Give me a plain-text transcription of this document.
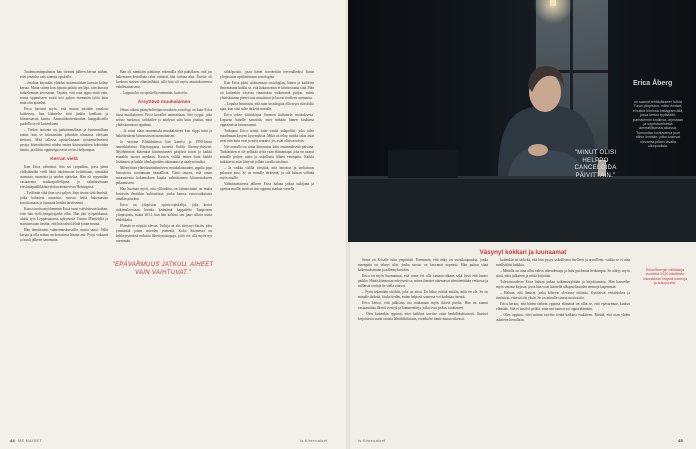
Trademomimpuismas hän törmäsi jälleen kerran säihen, ettei jenniihn vain saanutt opiskella.

– Jouduin käymään yhdeksi matematiikan kurssin kolme kertaa. Mutta siitten kun lopuita päästä sen läpi, sain kurssin kohtelemaan arvosanan. Tajusin, että voin oppia mitä vain, mutta oppimiseen vaatii tosi paljon enemmän työtä kuin mitä olin ajatellut.

Erica havaitsi myös, että muuta mistään omalosa kohteessa, hun kääntelee siitä jonkin kuullaan ja kiinnostavan kautta. Ammattikorkeakoulun kauppalistella puolella se oli kuitenkinen.

– Tiedon taotanto on parhaimmillaan ja huvimmillaan taitoa, kun se kiinnitetään johonkin ohuaassa oleivaan tiettoon. Mitä tallessa opiskelussaan työskentelemässä pestyy kiinteitävänsä niiden omien kiinnostuksen kohteiden kautta, ja silloin oppimisprosessi on tosi helpompaa.

Kerran vielä

Kun Erica valmistui, hän sai työpaikan, jossa pääsi yhdistämään vielä hänä intohimoon kohteittaan, nimittäin asumista, asumista ja uniden ajattelua. Hän oli myymälän vastaavana asiakaspalvelijana, ja valmistuttuaan viestintäpäällikkönä elokuvateatterissa Helsingissä.

– Työkinän siitä ihan tosi paljon. Sain tavata siitä ihmisiä, jotka halusivat asumista, sorissa heitä kakemasten tavoittamaan ja huomata heidän tarvitsemia.

Kuusi vuotta myöhemmin Erica tunsi vahvistuvan kaiken, ettei hän vielä hengitysjärkö ollut. Hän jätti työpaikkansa, aloitti työt Leppävaarassa nykyisestä Toomo Miettisellä ja muistaessaan tietään, että hän tahtoi tehdä jotain muuta.

Hän ilmoittautui valmennuskurssille, mutta sanoi: Tällä kertaa ja olla minun on kerrattava liisaan asti. Pysyi vakaasti ja kuuli jälkeen sanomaan.

Hän oli nimittäin päättänyt tekemällä yhä päätöksen, että jos hakemisen kerrallaan rahat riittävät, hän vaihtaa alaa. Tavoite oli korkean sinisen elämäniltänä, sillä hän oli myös asuntokoneensa vahdistamaisena.

– Lopputulos on opiskella enemmän, kuin tein.

Ärsyttävä muukalainen

Oman aikani päänyhokerijan muukaan sosiologi on kuin Erica tässä muukalaisen. Erica kuvailee ammattiaan. Sitä tyyppi, joka seisoo nurkassa, tarkkailee ja analysoi siitä kuin joudun, mitä yhteiskunnassa tapahtuu.

– Ja minä olain onnenmuki muukalaiseen kun riippi tuttu ja häkellyttävän kiinnostavan tuonnittaisen.

Jo suoraan Klaukkalassa hän kaavisi jo 1990-luvun amerikkalaista Hip-hopparia tuoretta Public Enemy-yhtyeen. Myöhemmin kuitenkin kiinnostuneet pääpiirit toivat ja kaikki muutkin nuoret mediaan. Kuvien välillä ennen kuin kaikki lisäämien ja kaikki ideologioiden tukamanta ja analysoinniksi.

Miestyttävä yhteiskuntaihmiseen, muukalaisuuden, oppiko jopa historioita, tuottamaan täsmällistä. Tästä seurasi, että oman nuoruutensa kokemuksen kautta valmistaneen kiinnostukseen pelaamiseen.

Hän huomaa myös, että yliluokitus on kiinnostunut on muita kotoisiin ilmiöihin kulttuurissa, jonka kanssa vuorovaikutusta tänäkin päivänä.

Erica on yliopiston opinto-opiskelija, joka kertoi tutkimuksessaan kuinka kääntämä kappaleita Tampereen yliopistosta, mutta 2014, kun hän kohtasi sen juuri silloin uusia ehdokkaita.

Elämää se näyttää olevan. Tutkija on siis siirtynyt käsiin, jotta ymmärtää jotain asioiden ytimestä. Koko Suomessa on kehkeytymässä erilaisia lähestymistapoja, joita voi olla myös nyt enemmän.

sähköpostin, jossa hänet toivotettiin tervetulleeksi Turun yliopistoon opiskelemaan sosiologiaa.

Kun Erica pääsi aloittamaan sosiologian, hänen ja kaikkien ilmoittauma kaikki se, että kukaan muu ei kiinnostunut siitä. Hän on kuitenkin toisessa rinnassaan vaikuttanut paljon, miten yhteiskunnan pienet osat muuttuvat ja luovat itselleen asemansa.

– Lopulta huomasin, että saan sosiologiaa olla myös niin koko ajan, kun siitä tulee tärkeää minulle.

Erica tekee väitöskirjaa Suomen kulttuurin muutoksesta. Lapsena hänelle sanottiin, ettei mikään hänen koulunsa oppiaineista kiinnostanut.

Tutkijana Erica toimii kuin vanha salapoliisi, joka tulee maailmaan kysyen kysymyksiä. Mikä on tehty, minkä takia asiat ovat niin kuin ovat ja mitä seuraisi, jos asiat olisivat toisin.

Nyt minulla on sama kiinnostus kuin ensimmäisenä päivänä. Tutkiminen ei ole pelkkää työtä vaan elämäntapa, joka on tuonut minulle paljon uutta ja uskallusta lähteä eteenpäin. Kaikki tutkittavat asiat liittyvät jollain tavalla toisiinsa.

– Ja vaikka välillä väsyttää, niin innostus ja uteliaisuus palaavat aina. Se on minulle tärkeintä, ja sitä haluan välittää myös muille.

Valmistumisensa jälkeen Erica haluaa jatkaa tutkijana ja opettaa muille, mitä on itse oppinut matkan varrella.

"EPÄVARMUUS JATKUU, AIHEET VAIN VAIHTUVAT."
44 ME NAISET	is.fi/menaiset
Erica Åberg
on saanut tehtäväkseen tutkia Turun yliopiston, miksi ihmiset, ei tutkia niminnä Instagram-tiliä, jossa kertoo tyylistään, parhaimmin kodiinsa, arjestaan ja sopeutumisesta ammatillisessa asiassa. Tunnustaa kuuluvansa juuri niihin ihmisiin, jotka kokevat olevansa jollain tavalla ulkopuolisia.
"MINUT OLISI HELPPO CANCELOIDA PÄIVITTÄIN."
Väsynyt kokkari ja luunaamat

Some on Ericalle tuttu ympäristö. Enemmän, että näky on vuosikaupunkia, jonka eteenpäin on tehnyt tilin, jonka suosio on kasvanut nopeasti. Hän puhuu siinä kokemuksistaan ja näkemyksistään.

Erica on myös huomannut, että some voi olla samaan aikaan sekä hyvä että huono paikka. Häntä kiinnostaa erityisesti se, miten ihmiset rakentavat identiteettiään verkossa ja millaisia rooleja he siellä ottavat.

– Pyrin tekemään sisältöä, joka on aitoa. En halua esittää mitään, mitä en ole. Se on minulle tärkeää, koska tiedän, miten helposti somessa voi kadottaa itsensä.

Erica kertoo, että julkisuus tuo mukanaan myös ikäviä puolia. Hän on saanut vastaanottaa ilkeitä viestejä ja kommentteja, jotka ovat joskus satuttaneet.

– Olen kuitenkin oppinut, ettei kaikkea tarvitse ottaa henkilökohtaisesti. Ihmiset kirjoittavat usein omista lähtökohdistaan, eivätkä he tunne minua oikeasti.

kuitenkin on tärkeää, että hän pysyy uskollisena itselleen ja arvoilleen, vaikka se ei aina miellyttäisi kaikkia.

– Minulla on aina ollut vahva oikeudentaju ja halu puolustaa heikompia. Se näkyy myös siinä, mitä julkaisen ja mistä kirjoitan.

Tulevaisuudessa Erica haluaa jatkaa tutkimustyötään ja kirjoittamista. Hän haaveilee myös omasta kirjasta, jossa hän voisi käsitellä ulkopuolisuuden teemoja laajemmin.

– Haluan, että ihmiset, jotka kokevat olevansa erilaisia, löytäisivät vertaistukea ja tuntisivat, etteivät ole yksin. Se on minulle suurin motivaatio.

Erica kertoo, että hänen tärkein oppinsa elämästä on ollut se, että epävarmuus kuuluu elämään. Sitä ei tarvitse pelätä, vaan sen kanssa voi oppia elämään.

– Olen oppinut, ettei minun tarvitse tietää kaikkea etukäteen. Riittää, että otan yhden askeleen kerrallaan.

Erica Åbergin väitöskirja vuodelta 2020 käsittelee ulkonäköön liittyviä normeja ja sukupuolta.
is.fi/menaiset	45
